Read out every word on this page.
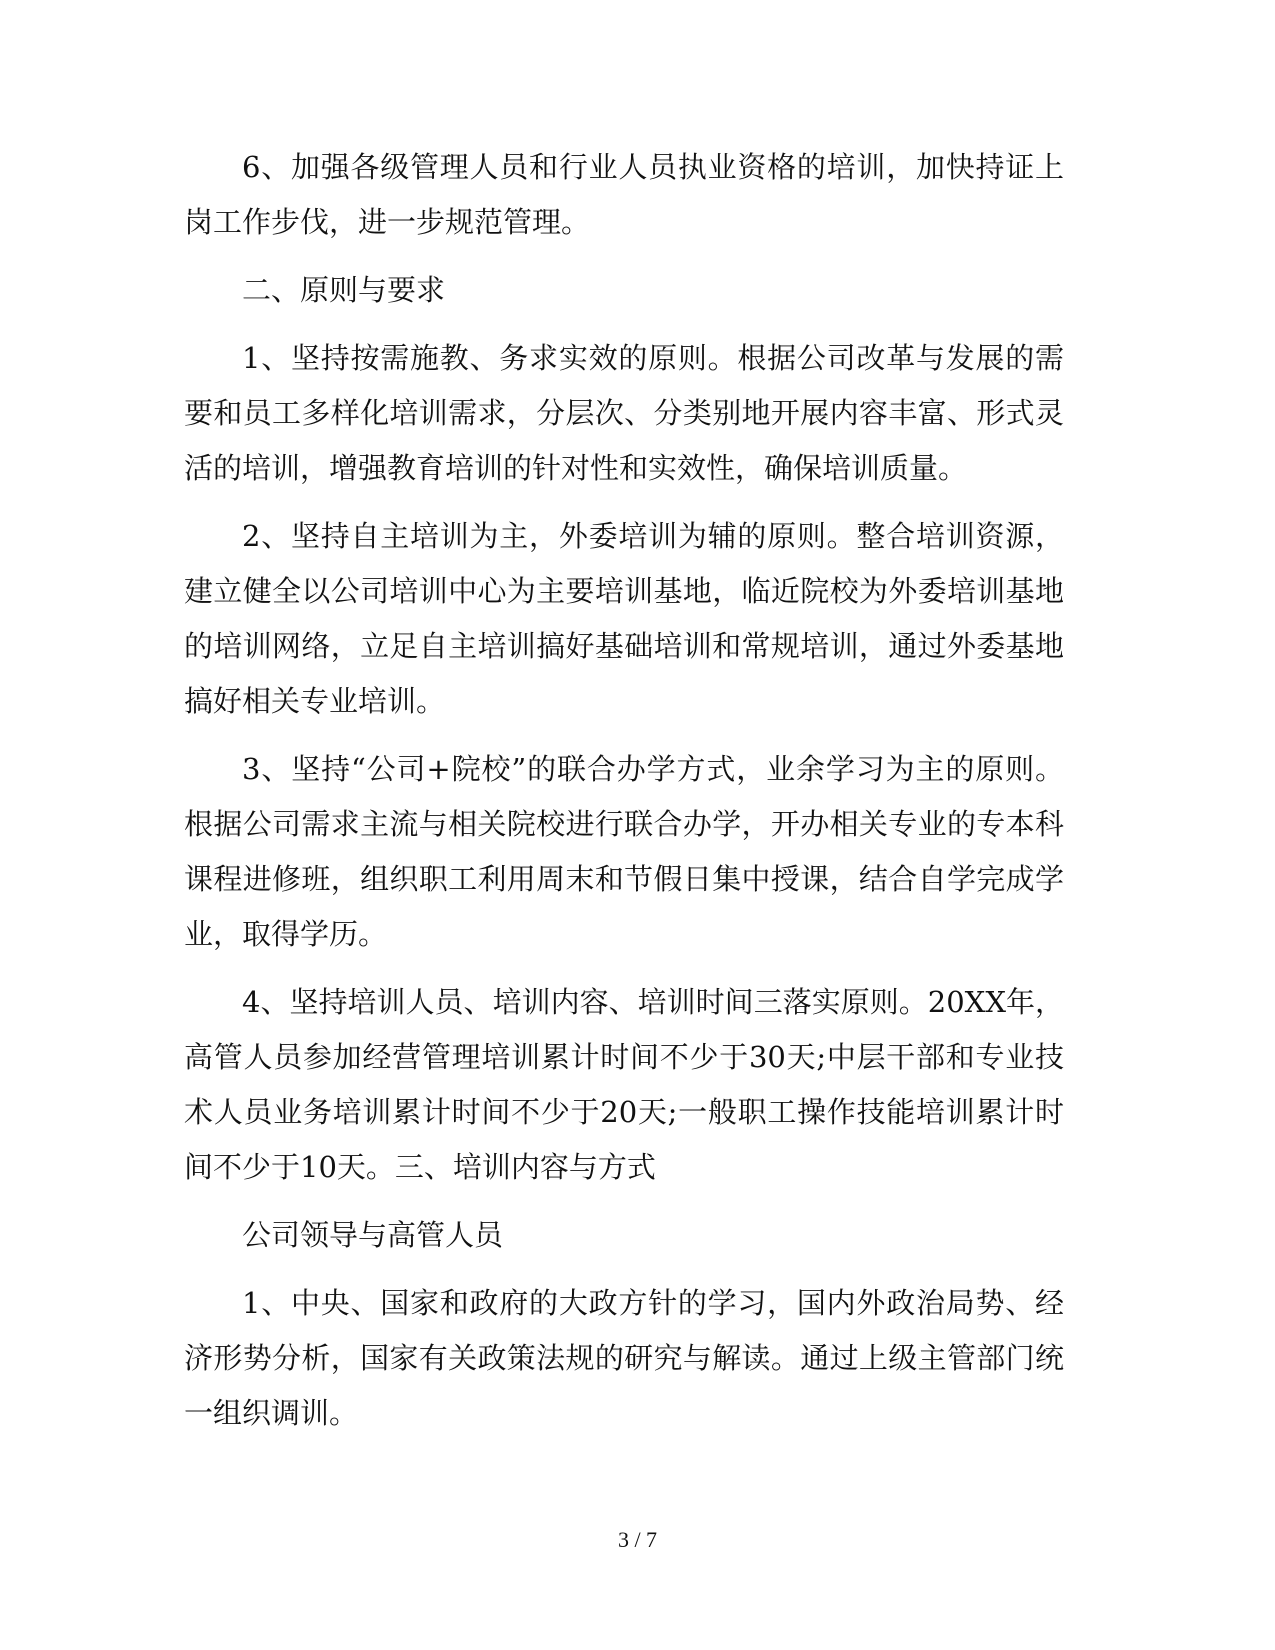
6、加强各级管理人员和行业人员执业资格的培训，加快持证上岗工作步伐，进一步规范管理。

二、原则与要求

1、坚持按需施教、务求实效的原则。根据公司改革与发展的需要和员工多样化培训需求，分层次、分类别地开展内容丰富、形式灵活的培训，增强教育培训的针对性和实效性，确保培训质量。

2、坚持自主培训为主，外委培训为辅的原则。整合培训资源，建立健全以公司培训中心为主要培训基地，临近院校为外委培训基地的培训网络，立足自主培训搞好基础培训和常规培训，通过外委基地搞好相关专业培训。

3、坚持“公司+院校”的联合办学方式，业余学习为主的原则。根据公司需求主流与相关院校进行联合办学，开办相关专业的专本科课程进修班，组织职工利用周末和节假日集中授课，结合自学完成学业，取得学历。

4、坚持培训人员、培训内容、培训时间三落实原则。20XX年，高管人员参加经营管理培训累计时间不少于30天;中层干部和专业技术人员业务培训累计时间不少于20天;一般职工操作技能培训累计时间不少于10天。三、培训内容与方式

公司领导与高管人员

1、中央、国家和政府的大政方针的学习，国内外政治局势、经济形势分析，国家有关政策法规的研究与解读。通过上级主管部门统一组织调训。

3 / 7
